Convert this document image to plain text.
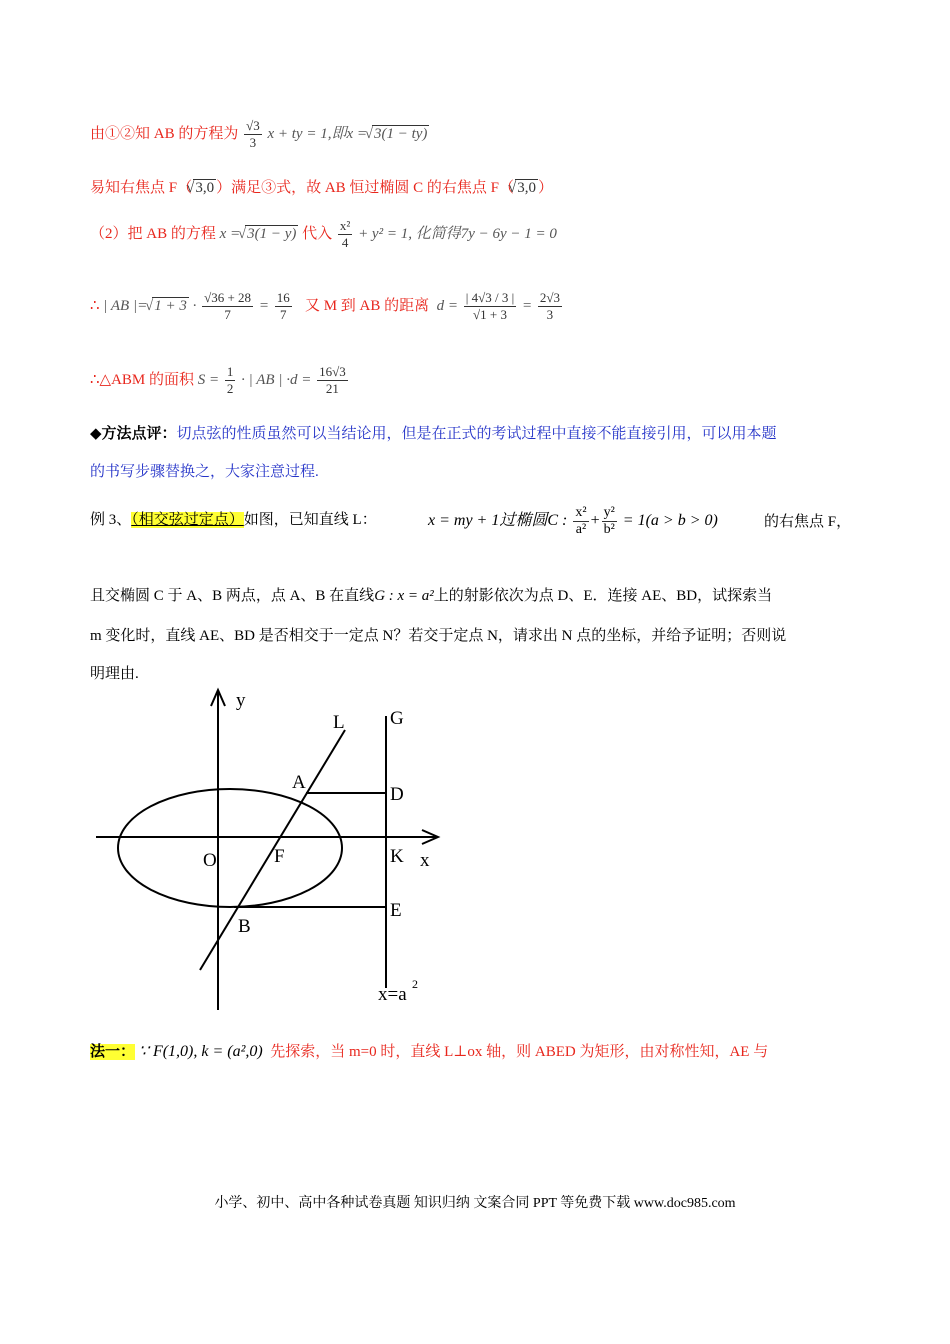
由①②知 AB 的方程为 $\frac{√3}{3}$ x + ty = 1,即x = √ 3(1 − ty)
易知右焦点 F（ √ 3,0 ）满足③式，故 AB 恒过椭圆 C 的右焦点 F（ √ 3,0 ）
（2）把 AB 的方程 x = √ 3(1 − y) 代入 $\frac{\text{x²}}{4} + y^2 = 1$, 化简得7y − 6y − 1 = 0
∴ | AB |= √ $1 + 3 \cdot \frac{√36 + 28}{7} = \frac{16}{7}$ 又 M 到 AB 的距离 $d = \frac{| 4√3 / 3 |}{√1 + 3} = \frac{2√3}{3}$
∴△ABM 的面积 $S = \frac{1}{2}$ · | AB | $\cdot d = \frac{16√3}{21}$
◆方法点评：切点弦的性质虽然可以当结论用，但是在正式的考试过程中直接不能直接引用，可以用本题
的书写步骤替换之，大家注意过程.
例 3、（相交弦过定点）如图，已知直线 L：	x = my + 1过椭圆C : $\frac{\text{x²}}{\text{a²}} + \frac{\text{y²}}{\text{b²}} = 1(a > b > 0)$	的右焦点 F，
且交椭圆 C 于 A、B 两点，点 A、B 在直线G : x = a²上的射影依次为点 D、E．连接 AE、BD，试探索当
m 变化时，直线 AE、BD 是否相交于一定点 N？若交于定点 N，请求出 N 点的坐标，并给予证明；否则说
明理由.
y
L G
A
D
O	F	K x
E
B
x=a 2
法一： ∵ F(1,0), k = (a²,0) 先探索，当 m=0 时，直线 L⊥ox 轴，则 ABED 为矩形，由对称性知，AE 与
小学、初中、高中各种试卷真题 知识归纳 文案合同 PPT 等免费下载 www.doc985.com
